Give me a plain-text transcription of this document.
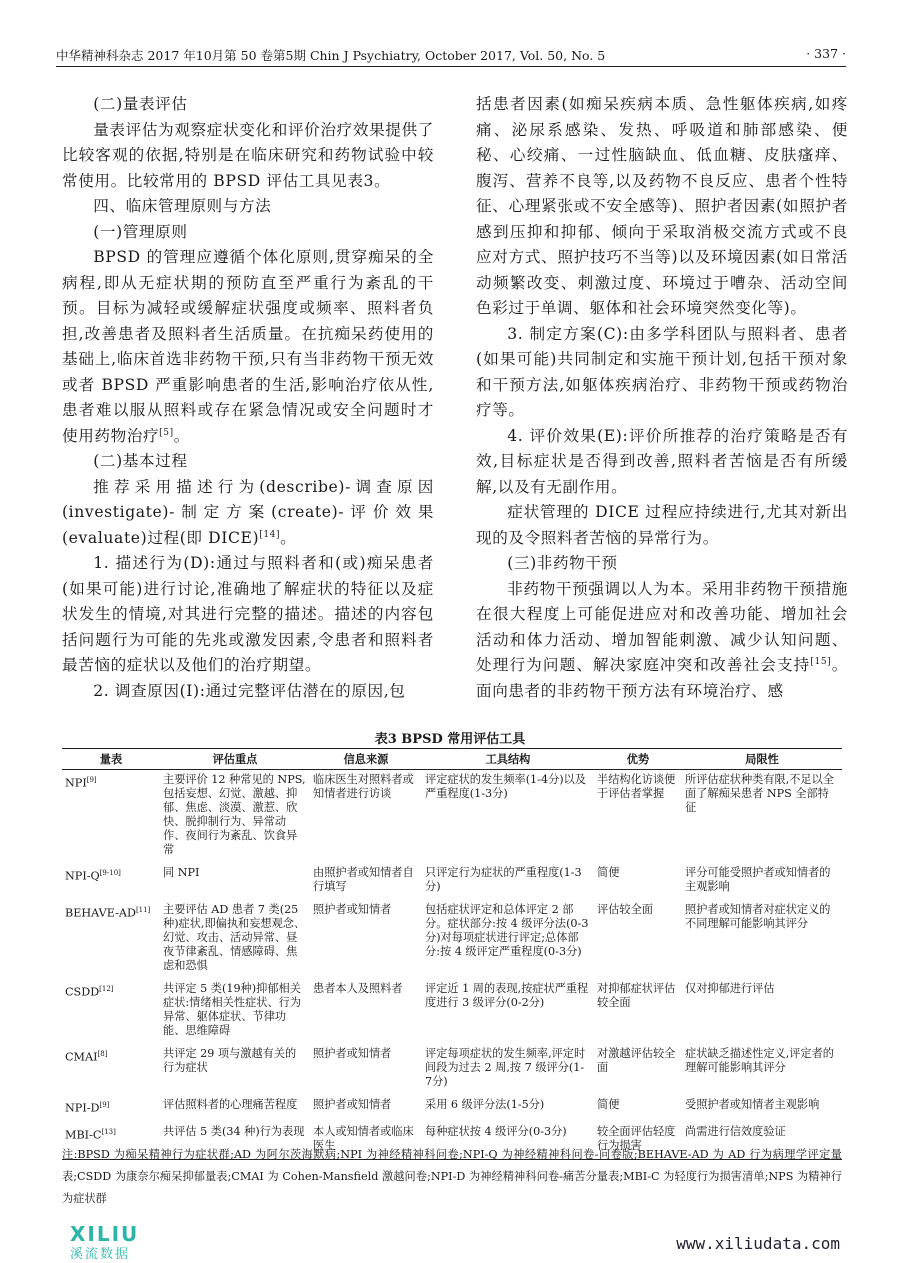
中华精神科杂志 2017 年10月第 50 卷第5期 Chin J Psychiatry, October 2017, Vol. 50, No. 5	· 337 ·

(二)量表评估

量表评估为观察症状变化和评价治疗效果提供了比较客观的依据,特别是在临床研究和药物试验中较常使用。比较常用的 BPSD 评估工具见表3。

四、临床管理原则与方法

(一)管理原则

BPSD 的管理应遵循个体化原则,贯穿痴呆的全病程,即从无症状期的预防直至严重行为紊乱的干预。目标为减轻或缓解症状强度或频率、照料者负担,改善患者及照料者生活质量。在抗痴呆药使用的基础上,临床首选非药物干预,只有当非药物干预无效或者 BPSD 严重影响患者的生活,影响治疗依从性,患者难以服从照料或存在紧急情况或安全问题时才使用药物治疗[5]。

(二)基本过程

推荐采用描述行为(describe)-调查原因(investigate)-制定方案(create)-评价效果(evaluate)过程(即 DICE)[14]。

1. 描述行为(D):通过与照料者和(或)痴呆患者(如果可能)进行讨论,准确地了解症状的特征以及症状发生的情境,对其进行完整的描述。描述的内容包括问题行为可能的先兆或激发因素,令患者和照料者最苦恼的症状以及他们的治疗期望。

2. 调查原因(I):通过完整评估潜在的原因,包

括患者因素(如痴呆疾病本质、急性躯体疾病,如疼痛、泌尿系感染、发热、呼吸道和肺部感染、便秘、心绞痛、一过性脑缺血、低血糖、皮肤瘙痒、腹泻、营养不良等,以及药物不良反应、患者个性特征、心理紧张或不安全感等)、照护者因素(如照护者感到压抑和抑郁、倾向于采取消极交流方式或不良应对方式、照护技巧不当等)以及环境因素(如日常活动频繁改变、刺激过度、环境过于嘈杂、活动空间色彩过于单调、躯体和社会环境突然变化等)。

3. 制定方案(C):由多学科团队与照料者、患者(如果可能)共同制定和实施干预计划,包括干预对象和干预方法,如躯体疾病治疗、非药物干预或药物治疗等。

4. 评价效果(E):评价所推荐的治疗策略是否有效,目标症状是否得到改善,照料者苦恼是否有所缓解,以及有无副作用。

症状管理的 DICE 过程应持续进行,尤其对新出现的及令照料者苦恼的异常行为。

(三)非药物干预

非药物干预强调以人为本。采用非药物干预措施在很大程度上可能促进应对和改善功能、增加社会活动和体力活动、增加智能刺激、减少认知问题、处理行为问题、解决家庭冲突和改善社会支持[15]。面向患者的非药物干预方法有环境治疗、感

表3 BPSD 常用评估工具
量表	评估重点	信息来源	工具结构	优势	局限性
NPI[9]	主要评价 12 种常见的 NPS,包括妄想、幻觉、激越、抑郁、焦虑、淡漠、激惹、欣快、脱抑制行为、异常动作、夜间行为紊乱、饮食异常	临床医生对照料者或知情者进行访谈	评定症状的发生频率(1-4分)以及严重程度(1-3分)	半结构化访谈便于评估者掌握	所评估症状种类有限,不足以全面了解痴呆患者 NPS 全部特征
NPI-Q[9-10]	同 NPI	由照护者或知情者自行填写	只评定行为症状的严重程度(1-3分)	简便	评分可能受照护者或知情者的主观影响
BEHAVE-AD[11]	主要评估 AD 患者 7 类(25种)症状,即偏执和妄想观念、幻觉、攻击、活动异常、昼夜节律紊乱、情感障碍、焦虑和恐惧	照护者或知情者	包括症状评定和总体评定 2 部分。症状部分:按 4 级评分法(0-3分)对每项症状进行评定;总体部分:按 4 级评定严重程度(0-3分)	评估较全面	照护者或知情者对症状定义的不同理解可能影响其评分
CSDD[12]	共评定 5 类(19种)抑郁相关症状:情绪相关性症状、行为异常、躯体症状、节律功能、思维障碍	患者本人及照料者	评定近 1 周的表现,按症状严重程度进行 3 级评分(0-2分)	对抑郁症状评估较全面	仅对抑郁进行评估
CMAI[8]	共评定 29 项与激越有关的行为症状	照护者或知情者	评定每项症状的发生频率,评定时间段为过去 2 周,按 7 级评分(1-7分)	对激越评估较全面	症状缺乏描述性定义,评定者的理解可能影响其评分
NPI-D[9]	评估照料者的心理痛苦程度	照护者或知情者	采用 6 级评分法(1-5分)	简便	受照护者或知情者主观影响
MBI-C[13]	共评估 5 类(34 种)行为表现	本人或知情者或临床医生	每种症状按 4 级评分(0-3分)	较全面评估轻度行为损害	尚需进行信效度验证
注:BPSD 为痴呆精神行为症状群;AD 为阿尔茨海默病;NPI 为神经精神科问卷;NPI-Q 为神经精神科问卷-问卷版;BEHAVE-AD 为 AD 行为病理学评定量表;CSDD 为康奈尔痴呆抑郁量表;CMAI 为 Cohen-Mansfield 激越问卷;NPI-D 为神经精神科问卷-痛苦分量表;MBI-C 为轻度行为损害清单;NPS 为精神行为症状群
XILIU
溪流数据
www.xiliudata.com
